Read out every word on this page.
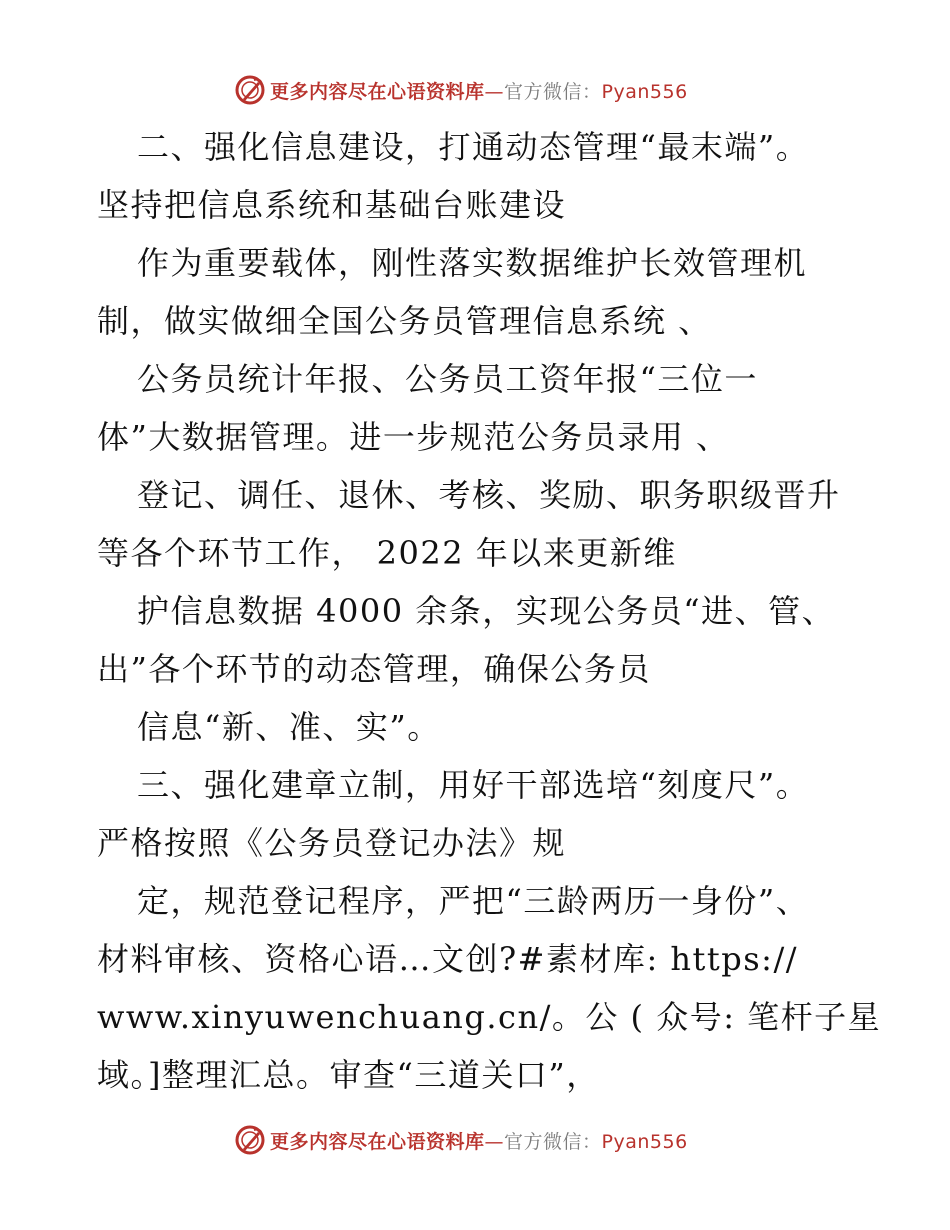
更多内容尽在心语资料库—官方微信：Pyan556
二、强化信息建设，打通动态管理“最末端”。
坚持把信息系统和基础台账建设
作为重要载体，刚性落实数据维护长效管理机
制，做实做细全国公务员管理信息系统 、
公务员统计年报、公务员工资年报“三位一
体”大数据管理。进一步规范公务员录用 、
登记、调任、退休、考核、奖励、职务职级晋升
等各个环节工作， 2022 年以来更新维
护信息数据 4000 余条，实现公务员“进、管、
出”各个环节的动态管理，确保公务员
信息“新、准、实”。
三、强化建章立制，用好干部选培“刻度尺”。
严格按照《公务员登记办法》规
定，规范登记程序，严把“三龄两历一身份”、
材料审核、资格心语…文创?#素材库: https://
www.xinyuwenchuang.cn/。公 ( 众号: 笔杆子星
域。]整理汇总。审查“三道关口”，
更多内容尽在心语资料库—官方微信：Pyan556
